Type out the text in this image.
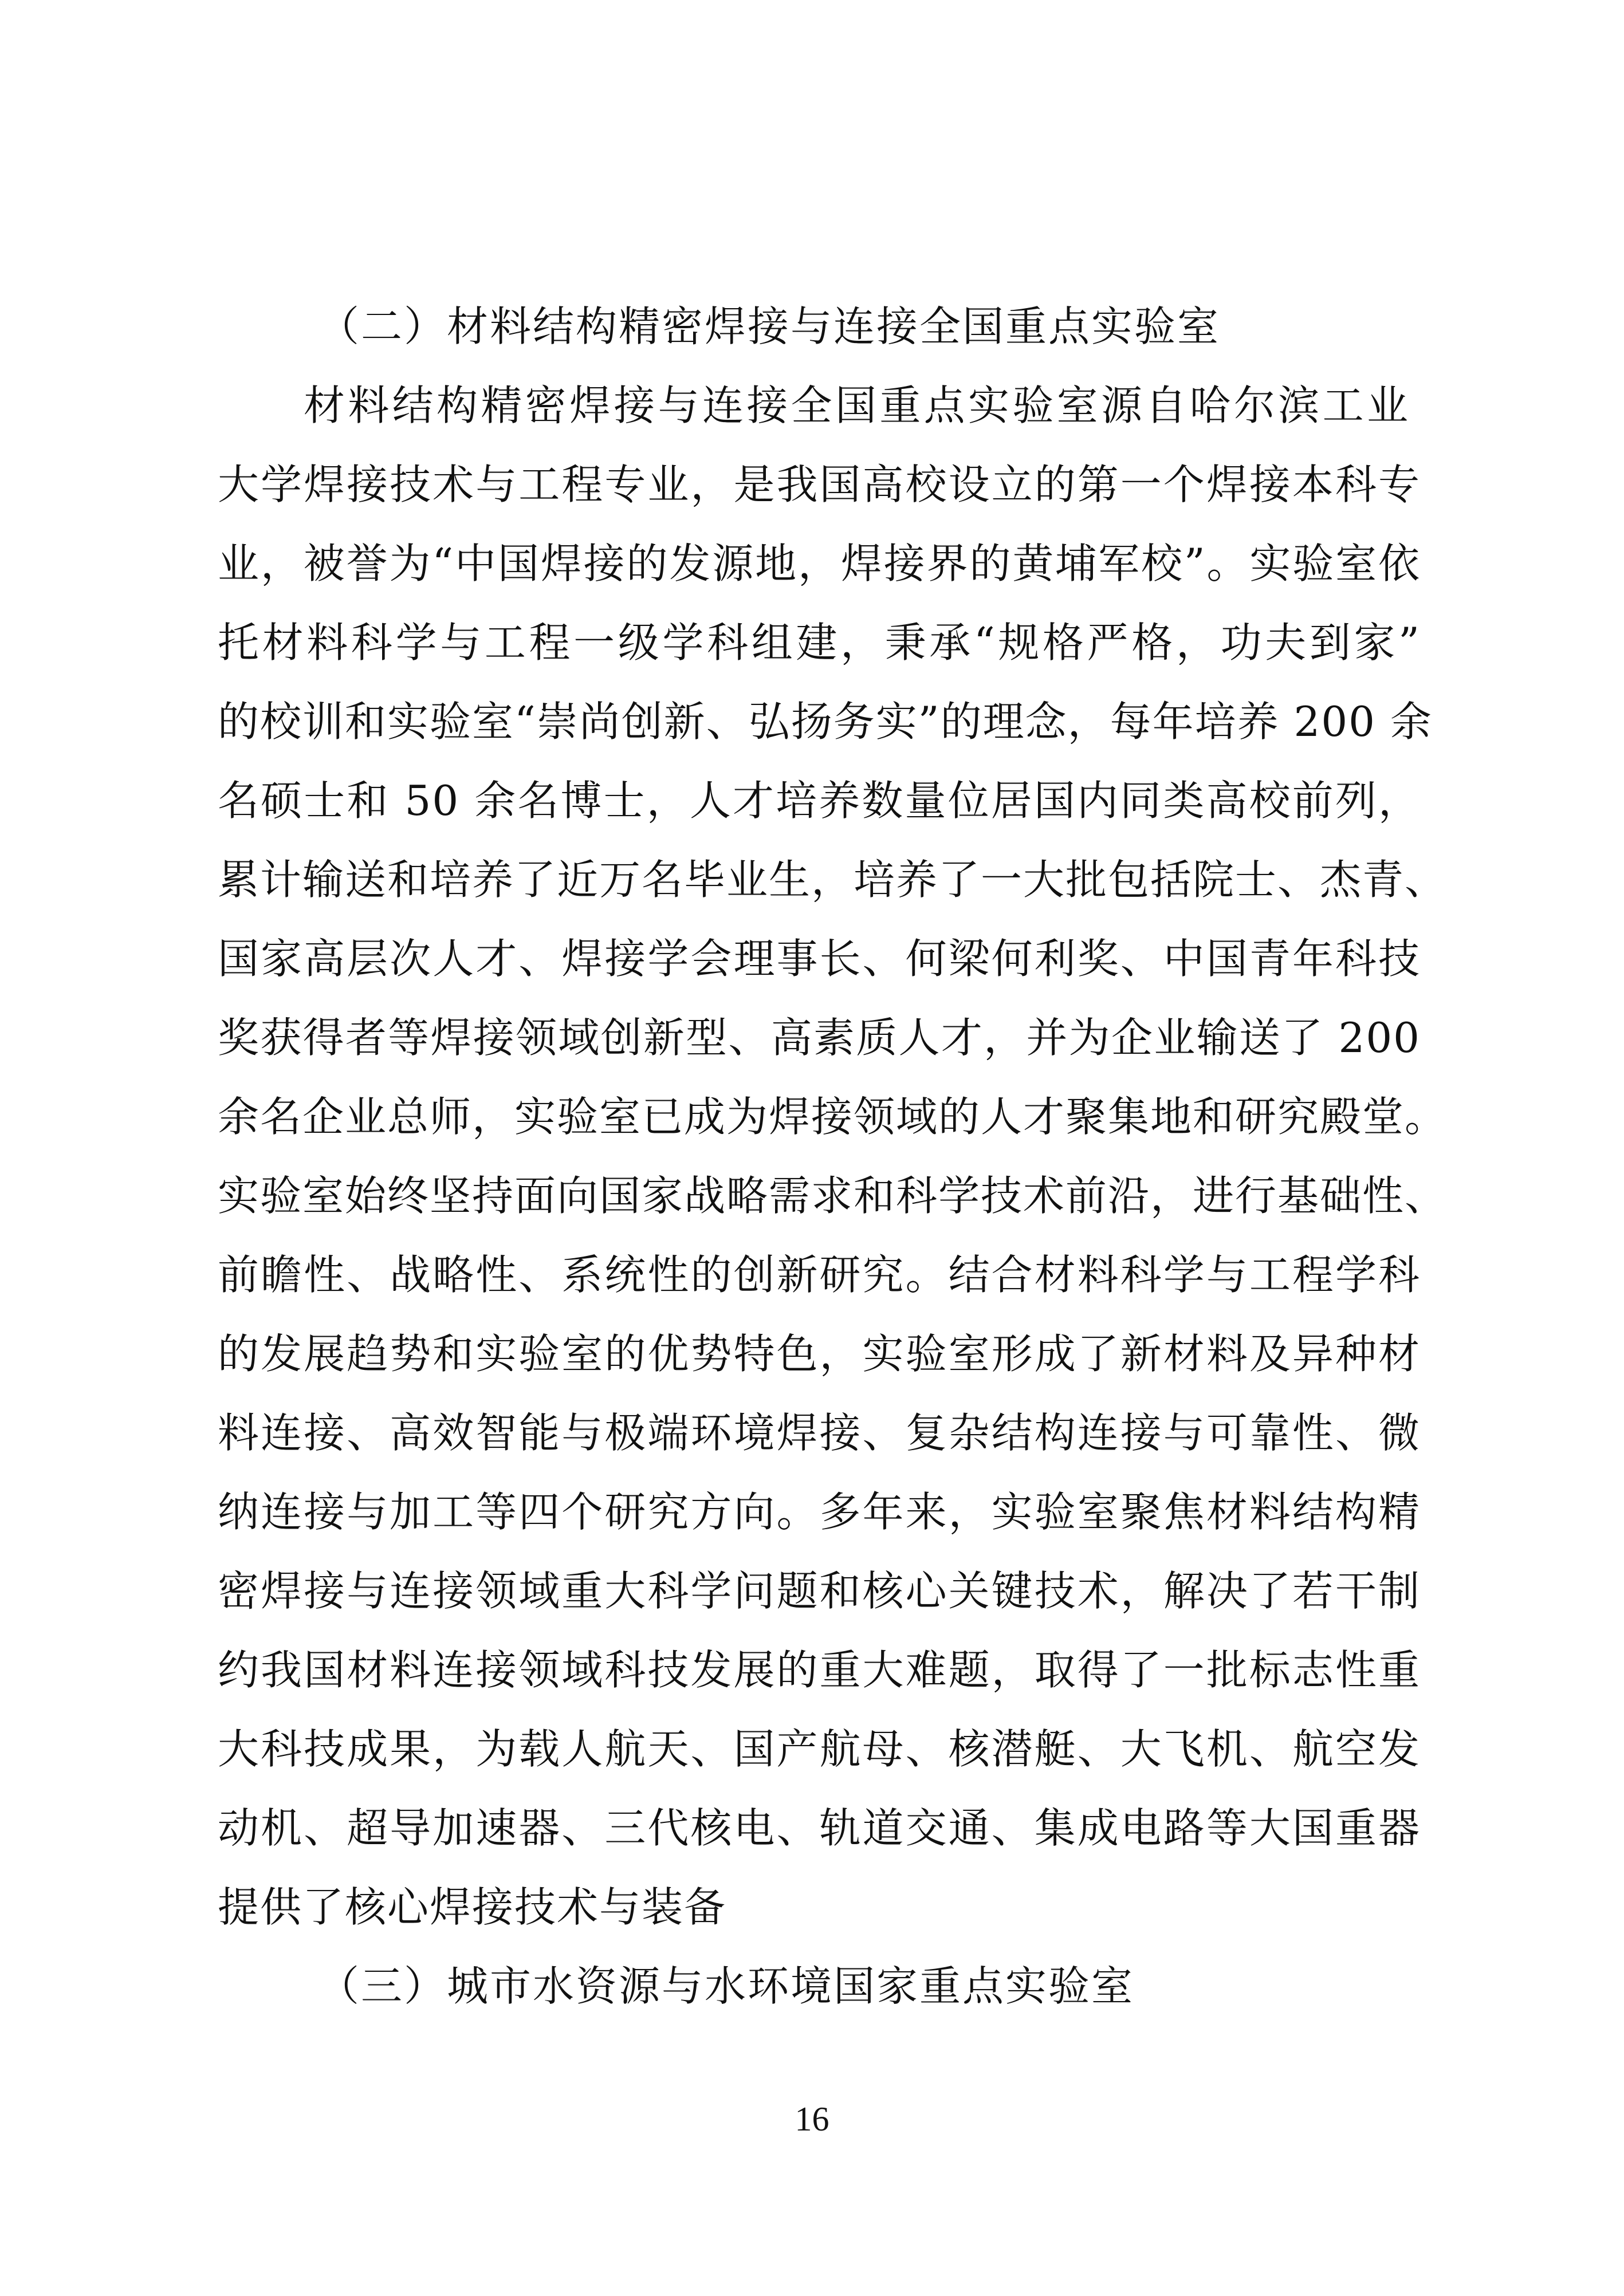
（二）材料结构精密焊接与连接全国重点实验室
材料结构精密焊接与连接全国重点实验室源自哈尔滨工业
大学焊接技术与工程专业，是我国高校设立的第一个焊接本科专
业，被誉为“中国焊接的发源地，焊接界的黄埔军校”。实验室依
托材料科学与工程一级学科组建，秉承“规格严格，功夫到家”
的校训和实验室“崇尚创新、弘扬务实”的理念，每年培养 200 余
名硕士和 50 余名博士，人才培养数量位居国内同类高校前列，
累计输送和培养了近万名毕业生，培养了一大批包括院士、杰青、
国家高层次人才、焊接学会理事长、何梁何利奖、中国青年科技
奖获得者等焊接领域创新型、高素质人才，并为企业输送了 200
余名企业总师，实验室已成为焊接领域的人才聚集地和研究殿堂。
实验室始终坚持面向国家战略需求和科学技术前沿，进行基础性、
前瞻性、战略性、系统性的创新研究。结合材料科学与工程学科
的发展趋势和实验室的优势特色，实验室形成了新材料及异种材
料连接、高效智能与极端环境焊接、复杂结构连接与可靠性、微
纳连接与加工等四个研究方向。多年来，实验室聚焦材料结构精
密焊接与连接领域重大科学问题和核心关键技术，解决了若干制
约我国材料连接领域科技发展的重大难题，取得了一批标志性重
大科技成果，为载人航天、国产航母、核潜艇、大飞机、航空发
动机、超导加速器、三代核电、轨道交通、集成电路等大国重器
提供了核心焊接技术与装备
（三）城市水资源与水环境国家重点实验室
16
